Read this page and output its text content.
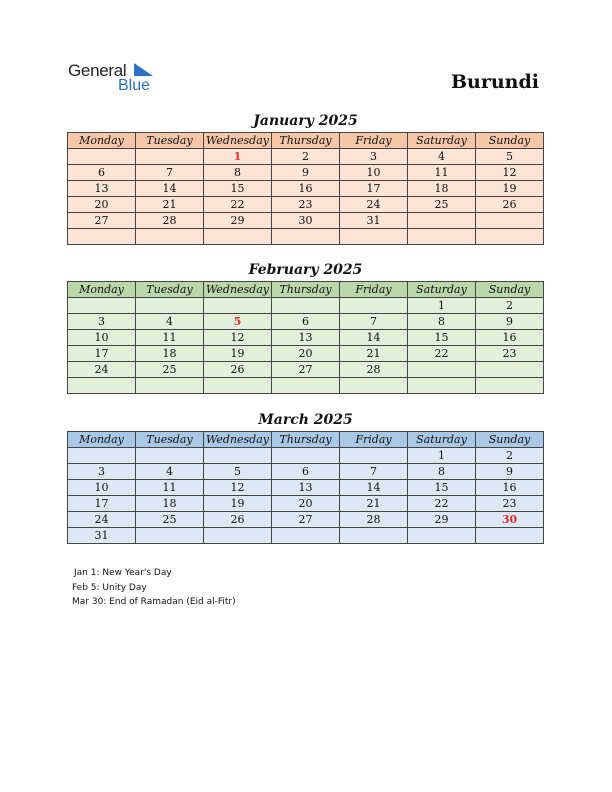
General
Blue	Burundi
January 2025
Monday	Tuesday	Wednesday	Thursday	Friday	Saturday	Sunday
		1	2	3	4	5
6	7	8	9	10	11	12
13	14	15	16	17	18	19
20	21	22	23	24	25	26
27	28	29	30	31		

February 2025
Monday	Tuesday	Wednesday	Thursday	Friday	Saturday	Sunday
					1	2
3	4	5	6	7	8	9
10	11	12	13	14	15	16
17	18	19	20	21	22	23
24	25	26	27	28		

March 2025
Monday	Tuesday	Wednesday	Thursday	Friday	Saturday	Sunday
					1	2
3	4	5	6	7	8	9
10	11	12	13	14	15	16
17	18	19	20	21	22	23
24	25	26	27	28	29	30
31						
Jan 1: New Year's Day
Feb 5: Unity Day
Mar 30: End of Ramadan (Eid al-Fitr)
